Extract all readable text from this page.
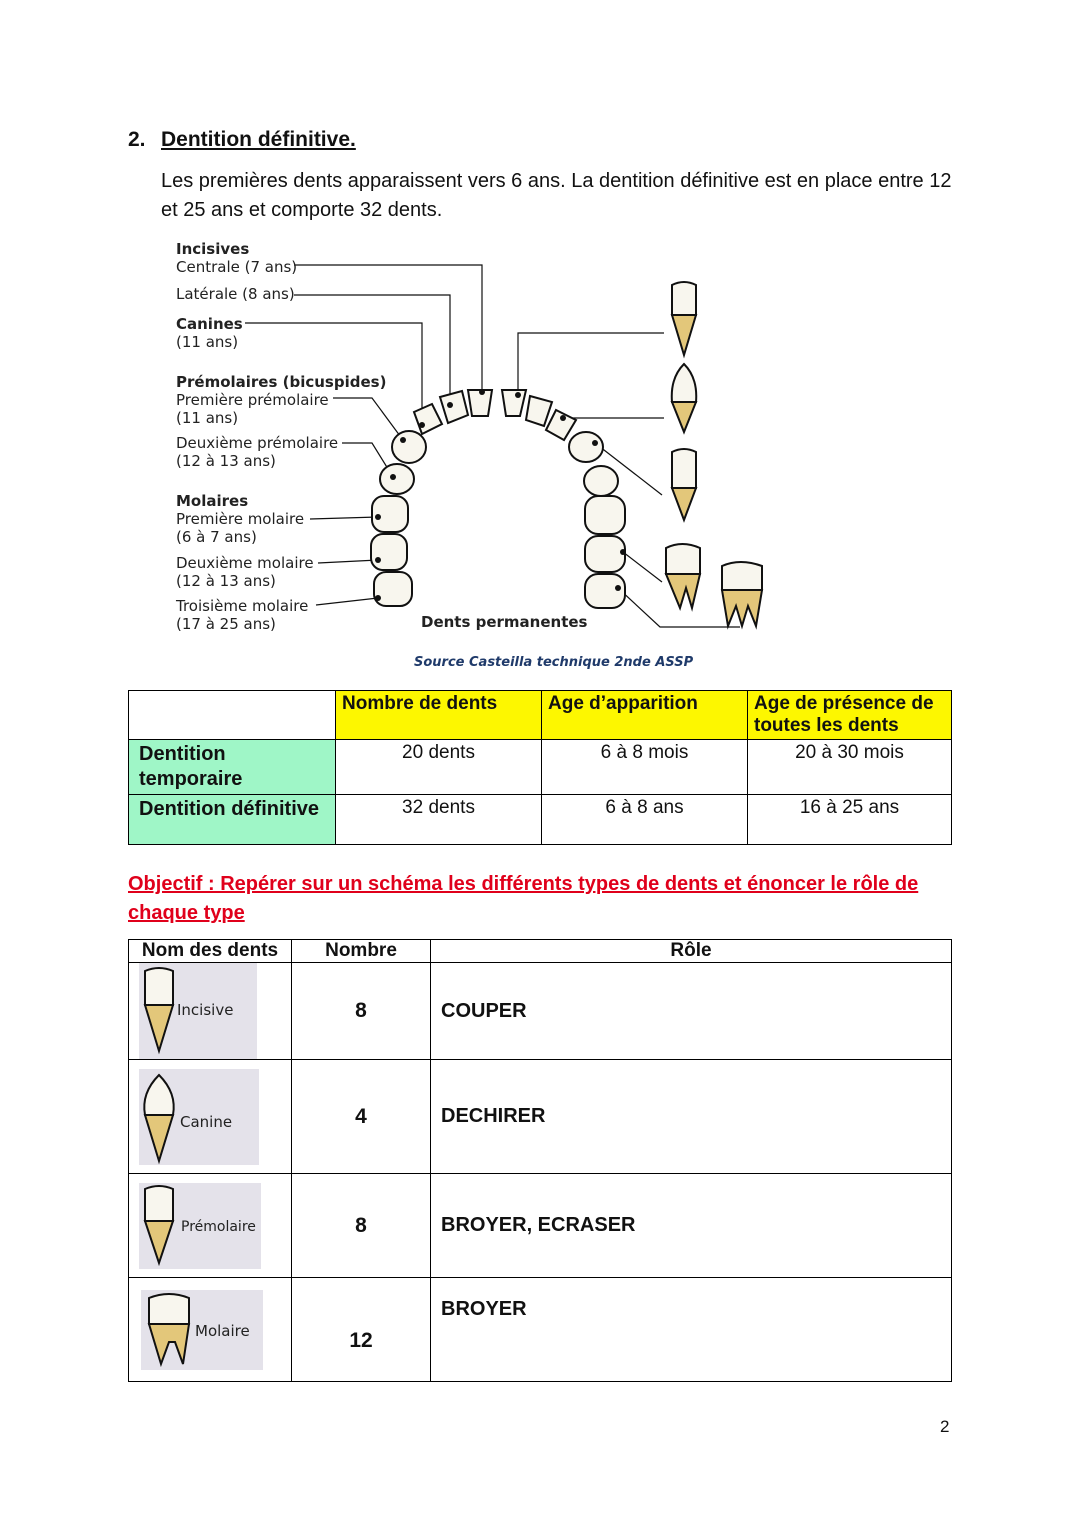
2. Dentition définitive.
Les premières dents apparaissent vers 6 ans. La dentition définitive est en place entre 12 et 25 ans et comporte 32 dents.
Incisives
Centrale (7 ans)
Latérale (8 ans)
Canines
(11 ans)
Prémolaires (bicuspides)
Première prémolaire
(11 ans)
Deuxième prémolaire
(12 à 13 ans)
Molaires
Première molaire
(6 à 7 ans)
Deuxième molaire
(12 à 13 ans)
Troisième molaire
(17 à 25 ans)	Dents permanentes
Source Casteilla technique 2nde ASSP
	Nombre de dents	Age d’apparition	Age de présence de toutes les dents
Dentition temporaire	20 dents	6 à 8 mois	20 à 30 mois
Dentition définitive	32 dents	6 à 8 ans	16 à 25 ans
Objectif : Repérer sur un schéma les différents types de dents et énoncer le rôle de chaque type
Nom des dents	Nombre	Rôle

Incisive	8	COUPER

Canine	4	DECHIRER

Prémolaire	8	BROYER, ECRASER

Molaire	12	BROYER
2
